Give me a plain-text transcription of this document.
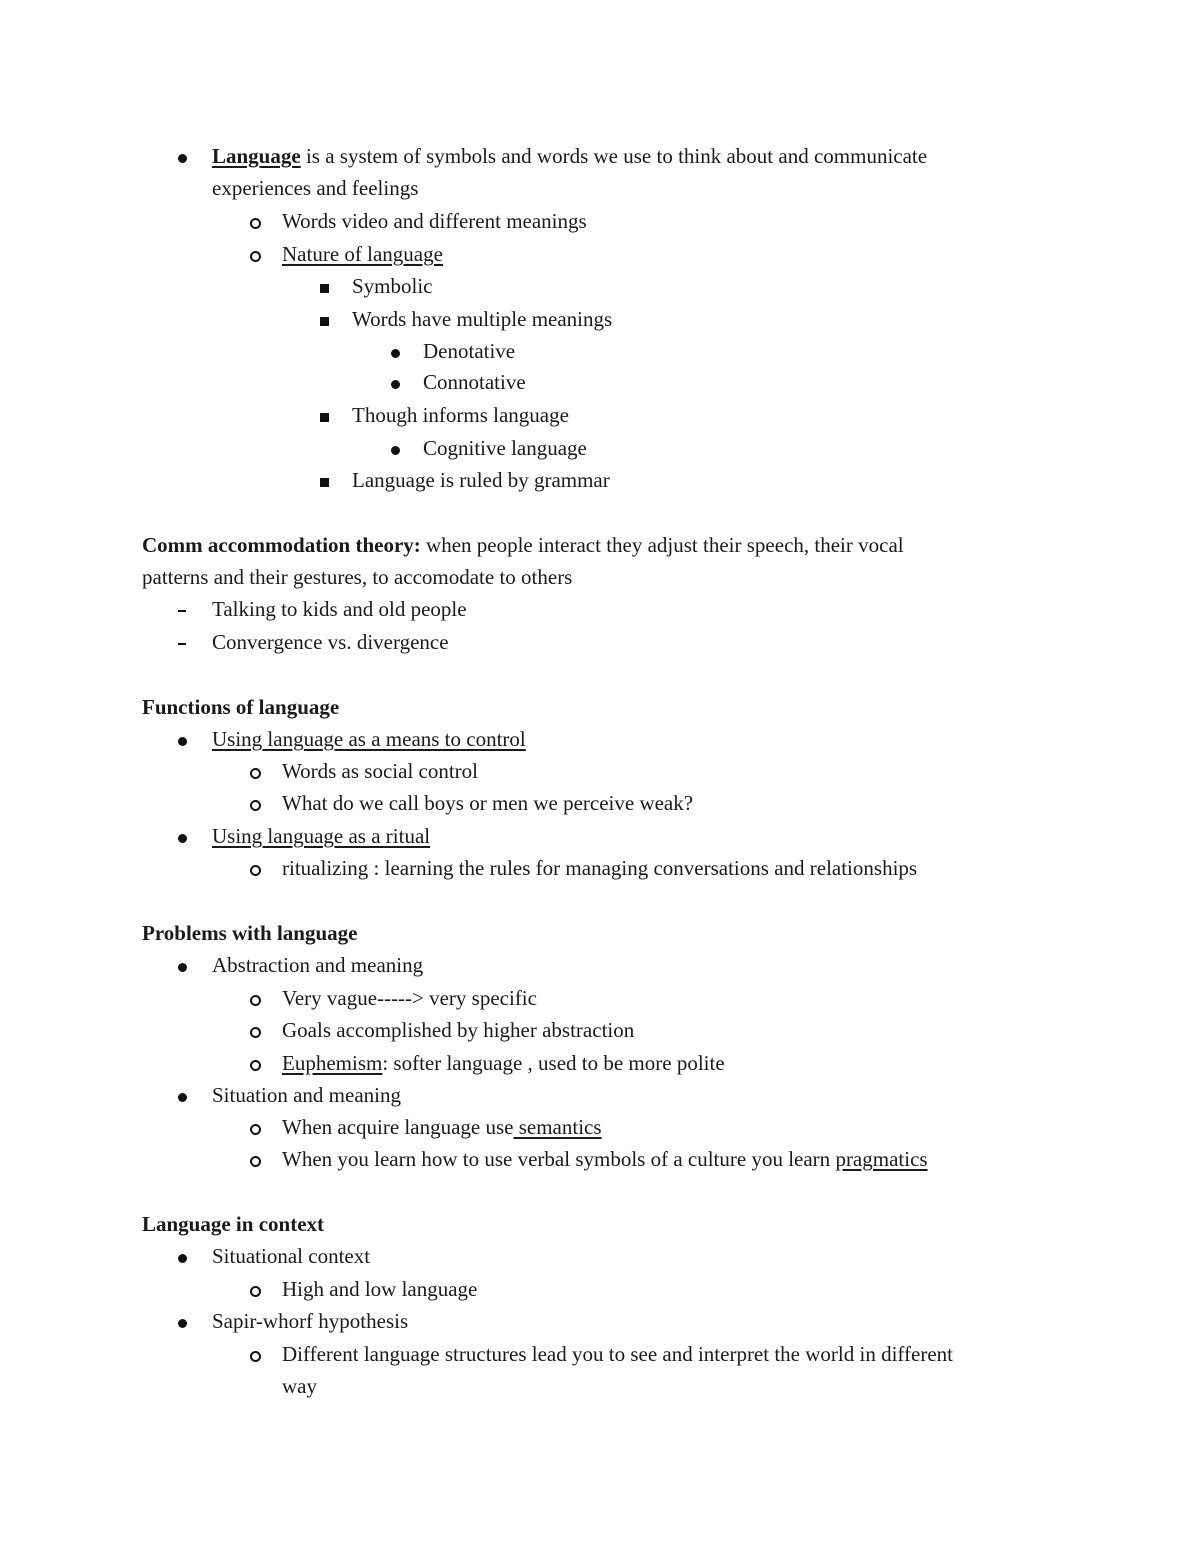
Language is a system of symbols and words we use to think about and communicate
experiences and feelings
Words video and different meanings
Nature of language
Symbolic
Words have multiple meanings
Denotative
Connotative
Though informs language
Cognitive language
Language is ruled by grammar
Comm accommodation theory: when people interact they adjust their speech, their vocal
patterns and their gestures, to accomodate to others
Talking to kids and old people
Convergence vs. divergence
Functions of language
Using language as a means to control
Words as social control
What do we call boys or men we perceive weak?
Using language as a ritual
ritualizing : learning the rules for managing conversations and relationships
Problems with language
Abstraction and meaning
Very vague-----> very specific
Goals accomplished by higher abstraction
Euphemism: softer language , used to be more polite
Situation and meaning
When acquire language use semantics
When you learn how to use verbal symbols of a culture you learn pragmatics
Language in context
Situational context
High and low language
Sapir-whorf hypothesis
Different language structures lead you to see and interpret the world in different
way
